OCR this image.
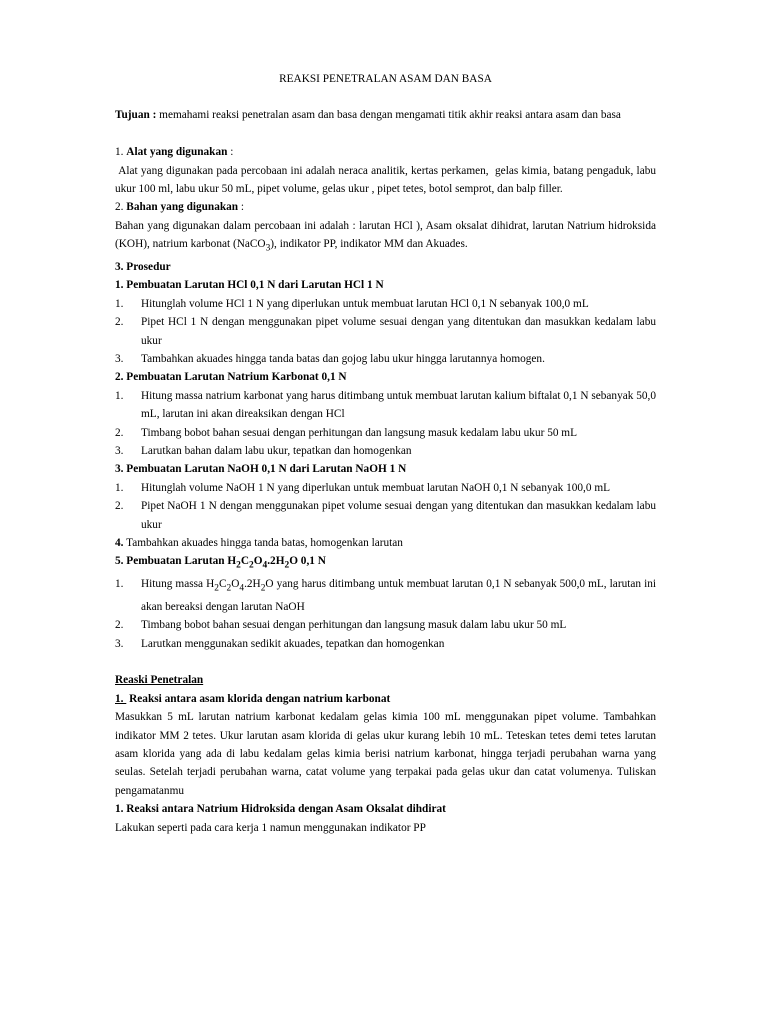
REAKSI PENETRALAN ASAM DAN BASA

Tujuan : memahami reaksi penetralan asam dan basa dengan mengamati titik akhir reaksi antara asam dan basa

1. Alat yang digunakan :

Alat yang digunakan pada percobaan ini adalah neraca analitik, kertas perkamen,  gelas kimia, batang pengaduk, labu ukur 100 ml, labu ukur 50 mL, pipet volume, gelas ukur , pipet tetes, botol semprot, dan balp filler.

2. Bahan yang digunakan :

Bahan yang digunakan dalam percobaan ini adalah : larutan HCl ), Asam oksalat dihidrat, larutan Natrium hidroksida (KOH), natrium karbonat (NaCO$_3$), indikator PP, indikator MM dan Akuades.

3. Prosedur

1. Pembuatan Larutan HCl 0,1 N dari Larutan HCl 1 N

1.	Hitunglah volume HCl 1 N yang diperlukan untuk membuat larutan HCl 0,1 N sebanyak 100,0 mL
2.	Pipet HCl 1 N dengan menggunakan pipet volume sesuai dengan yang ditentukan dan masukkan kedalam labu ukur
3.	Tambahkan akuades hingga tanda batas dan gojog labu ukur hingga larutannya homogen.

2. Pembuatan Larutan Natrium Karbonat 0,1 N

1.	Hitung massa natrium karbonat yang harus ditimbang untuk membuat larutan kalium biftalat 0,1 N sebanyak 50,0 mL, larutan ini akan direaksikan dengan HCl
2.	Timbang bobot bahan sesuai dengan perhitungan dan langsung masuk kedalam labu ukur 50 mL
3.	Larutkan bahan dalam labu ukur, tepatkan dan homogenkan

3. Pembuatan Larutan NaOH 0,1 N dari Larutan NaOH 1 N

1.	Hitunglah volume NaOH 1 N yang diperlukan untuk membuat larutan NaOH 0,1 N sebanyak 100,0 mL
2.	Pipet NaOH 1 N dengan menggunakan pipet volume sesuai dengan yang ditentukan dan masukkan kedalam labu ukur

4. Tambahkan akuades hingga tanda batas, homogenkan larutan

5. Pembuatan Larutan $H_2C_2O_4.2H_2O$ 0,1 N

1.	Hitung massa $H_2C_2O_4.2H_2O$ yang harus ditimbang untuk membuat larutan 0,1 N sebanyak 500,0 mL, larutan ini akan bereaksi dengan larutan NaOH
2.	Timbang bobot bahan sesuai dengan perhitungan dan langsung masuk dalam labu ukur 50 mL
3.	Larutkan menggunakan sedikit akuades, tepatkan dan homogenkan

Reaski Penetralan

1.  Reaksi antara asam klorida dengan natrium karbonat

Masukkan 5 mL larutan natrium karbonat kedalam gelas kimia 100 mL menggunakan pipet volume. Tambahkan indikator MM 2 tetes. Ukur larutan asam klorida di gelas ukur kurang lebih 10 mL. Teteskan tetes demi tetes larutan asam klorida yang ada di labu kedalam gelas kimia berisi natrium karbonat, hingga terjadi perubahan warna yang seulas. Setelah terjadi perubahan warna, catat volume yang terpakai pada gelas ukur dan catat volumenya. Tuliskan pengamatanmu

1. Reaksi antara Natrium Hidroksida dengan Asam Oksalat dihdirat

Lakukan seperti pada cara kerja 1 namun menggunakan indikator PP
